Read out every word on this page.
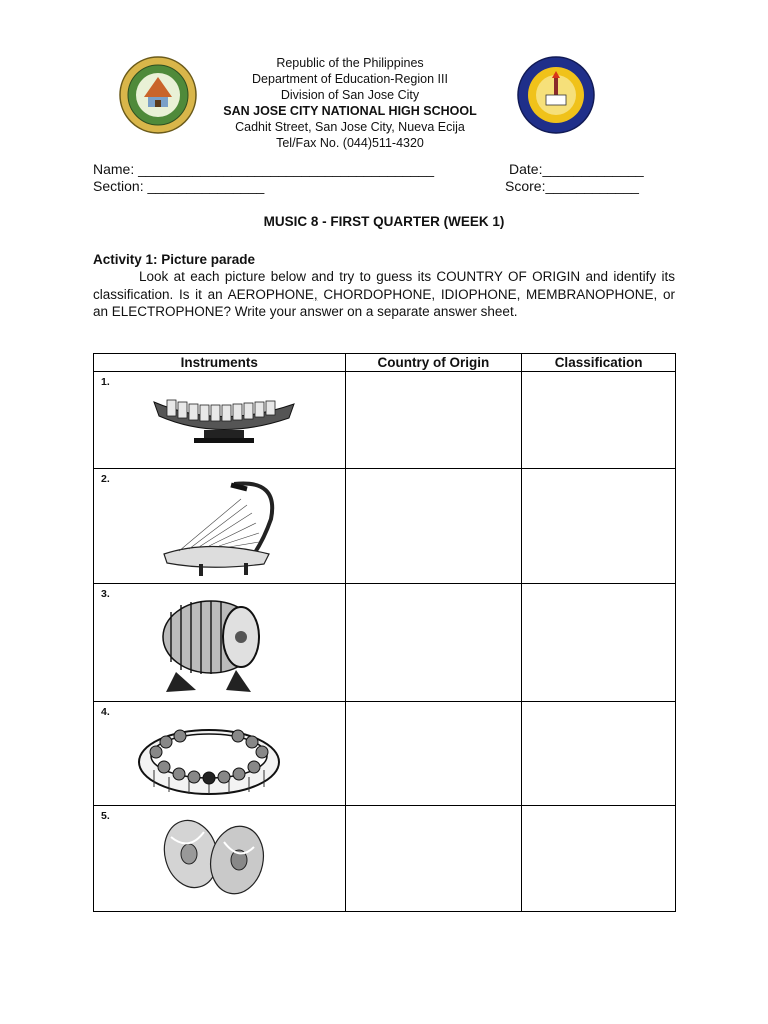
Republic of the Philippines
Department of Education-Region III
Division of San Jose City
SAN JOSE CITY NATIONAL HIGH SCHOOL
Cadhit Street, San Jose City, Nueva Ecija
Tel/Fax No. (044)511-4320
Name: ______________________________________	Date:_____________
Section: _______________	Score:____________
MUSIC 8 - FIRST QUARTER (WEEK 1)
Activity 1: Picture parade
Look at each picture below and try to guess its COUNTRY OF ORIGIN and identify its classification. Is it an AEROPHONE, CHORDOPHONE, IDIOPHONE, MEMBRANOPHONE, or an ELECTROPHONE? Write your answer on a separate answer sheet.
Instruments	Country of Origin	Classification

1.		

2.		

3.		

4.		

5.		
